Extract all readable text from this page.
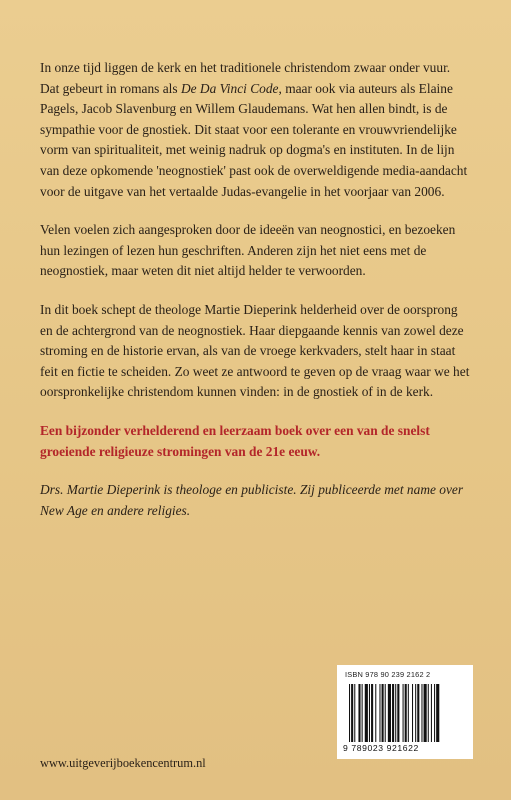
In onze tijd liggen de kerk en het traditionele christendom zwaar onder vuur. Dat gebeurt in romans als De Da Vinci Code, maar ook via auteurs als Elaine Pagels, Jacob Slavenburg en Willem Glaudemans. Wat hen allen bindt, is de sympathie voor de gnostiek. Dit staat voor een tolerante en vrouwvriendelijke vorm van spiritualiteit, met weinig nadruk op dogma's en instituten. In de lijn van deze opkomende 'neognostiek' past ook de overweldigende media-aandacht voor de uitgave van het vertaalde Judas-evangelie in het voorjaar van 2006.

Velen voelen zich aangesproken door de ideeën van neognostici, en bezoeken hun lezingen of lezen hun geschriften. Anderen zijn het niet eens met de neognostiek, maar weten dit niet altijd helder te verwoorden.

In dit boek schept de theologe Martie Dieperink helderheid over de oorsprong en de achtergrond van de neognostiek. Haar diepgaande kennis van zowel deze stroming en de historie ervan, als van de vroege kerkvaders, stelt haar in staat feit en fictie te scheiden. Zo weet ze antwoord te geven op de vraag waar we het oorspronkelijke christendom kunnen vinden: in de gnostiek of in de kerk.

Een bijzonder verhelderend en leerzaam boek over een van de snelst groeiende religieuze stromingen van de 21e eeuw.

Drs. Martie Dieperink is theologe en publiciste. Zij publiceerde met name over New Age en andere religies.

ISBN 978 90 239 2162 2
9 789023 921622
www.uitgeverijboekencentrum.nl
